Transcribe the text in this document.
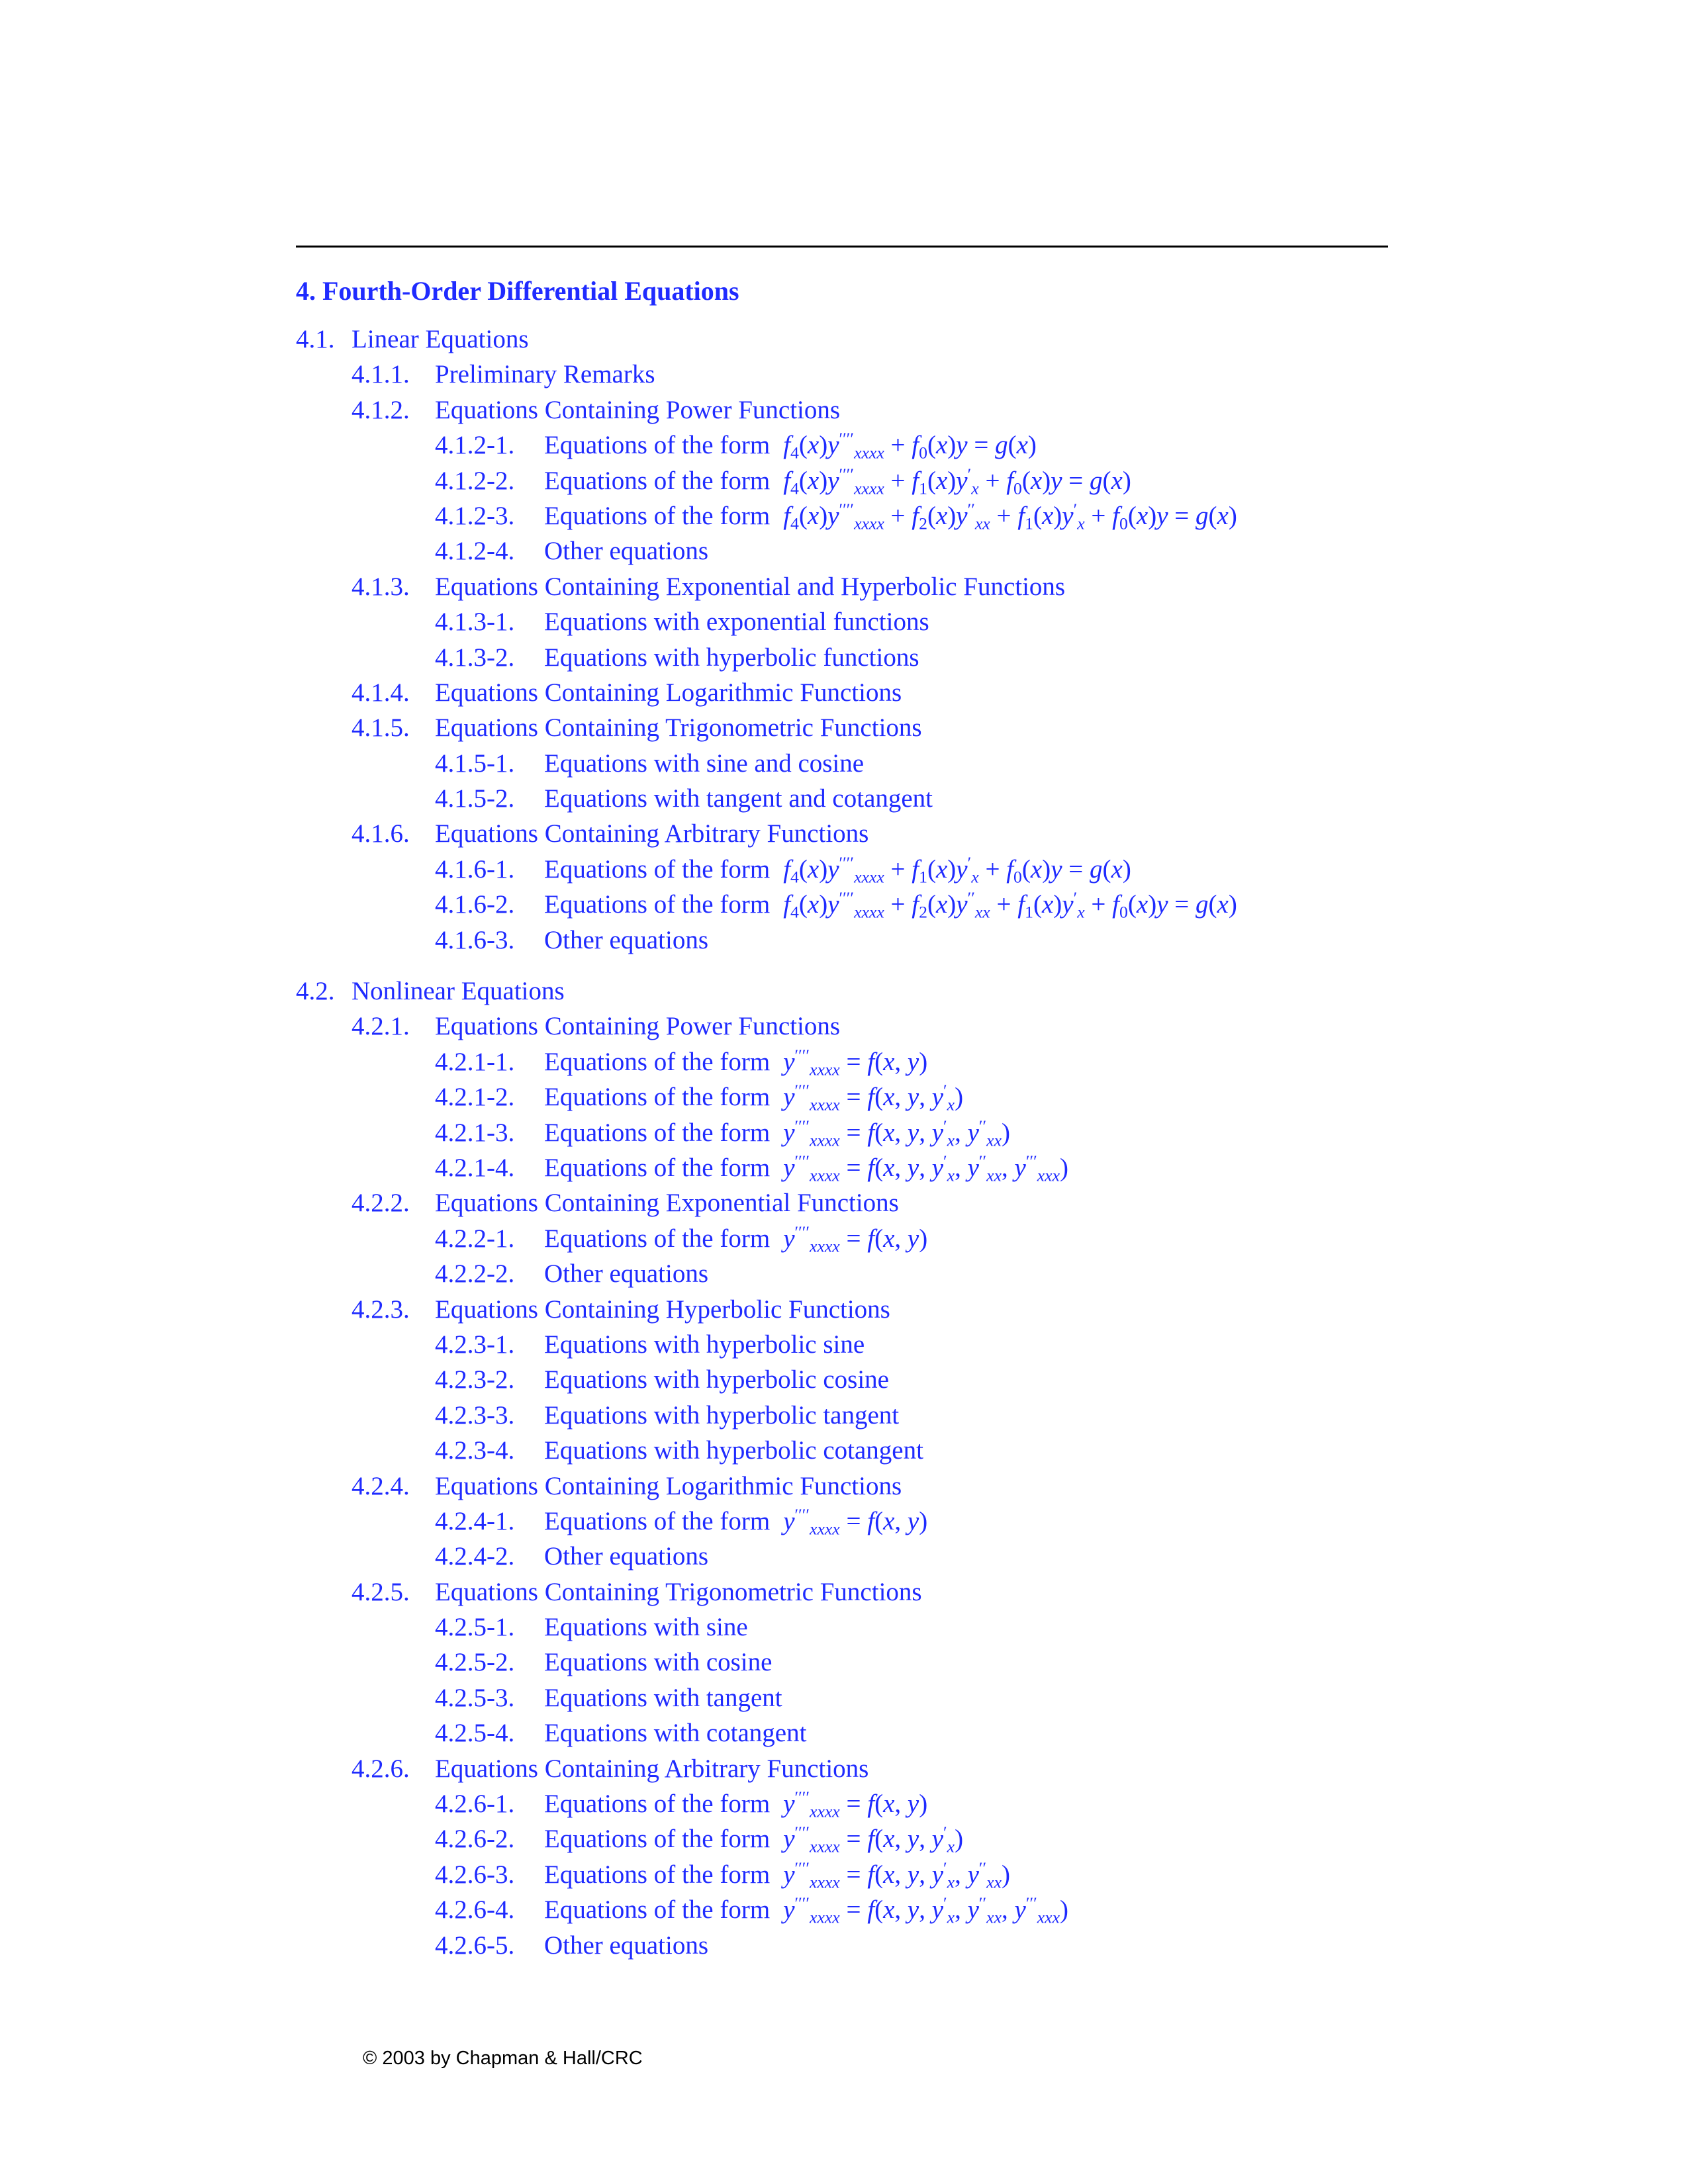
4. Fourth-Order Differential Equations
4.1. Linear Equations
4.1.1. Preliminary Remarks
4.1.2. Equations Containing Power Functions
4.1.2-1. Equations of the form $f_4(x)y''''_{xxxx} + f_0(x)y = g(x)$
4.1.2-2. Equations of the form $f_4(x)y''''_{xxxx} + f_1(x)y'_x + f_0(x)y = g(x)$
4.1.2-3. Equations of the form $f_4(x)y''''_{xxxx} + f_2(x)y''_{xx} + f_1(x)y'_x + f_0(x)y = g(x)$
4.1.2-4. Other equations
4.1.3. Equations Containing Exponential and Hyperbolic Functions
4.1.3-1. Equations with exponential functions
4.1.3-2. Equations with hyperbolic functions
4.1.4. Equations Containing Logarithmic Functions
4.1.5. Equations Containing Trigonometric Functions
4.1.5-1. Equations with sine and cosine
4.1.5-2. Equations with tangent and cotangent
4.1.6. Equations Containing Arbitrary Functions
4.1.6-1. Equations of the form $f_4(x)y''''_{xxxx} + f_1(x)y'_x + f_0(x)y = g(x)$
4.1.6-2. Equations of the form $f_4(x)y''''_{xxxx} + f_2(x)y''_{xx} + f_1(x)y'_x + f_0(x)y = g(x)$
4.1.6-3. Other equations
4.2. Nonlinear Equations
4.2.1. Equations Containing Power Functions
4.2.1-1. Equations of the form $y''''_{xxxx} = f(x$, y)
4.2.1-2. Equations of the form $y''''_{xxxx} = f(x$, y, $y'_x$)
4.2.1-3. Equations of the form $y''''_{xxxx} = f(x$, y, $y'_x$, $y''_{xx}$)
4.2.1-4. Equations of the form $y''''_{xxxx} = f(x$, y, $y'_x$, $y''_{xx}$, $y'''_{xxx}$)
4.2.2. Equations Containing Exponential Functions
4.2.2-1. Equations of the form $y''''_{xxxx} = f(x$, y)
4.2.2-2. Other equations
4.2.3. Equations Containing Hyperbolic Functions
4.2.3-1. Equations with hyperbolic sine
4.2.3-2. Equations with hyperbolic cosine
4.2.3-3. Equations with hyperbolic tangent
4.2.3-4. Equations with hyperbolic cotangent
4.2.4. Equations Containing Logarithmic Functions
4.2.4-1. Equations of the form $y''''_{xxxx} = f(x$, y)
4.2.4-2. Other equations
4.2.5. Equations Containing Trigonometric Functions
4.2.5-1. Equations with sine
4.2.5-2. Equations with cosine
4.2.5-3. Equations with tangent
4.2.5-4. Equations with cotangent
4.2.6. Equations Containing Arbitrary Functions
4.2.6-1. Equations of the form $y''''_{xxxx} = f(x$, y)
4.2.6-2. Equations of the form $y''''_{xxxx} = f(x$, y, $y'_x$)
4.2.6-3. Equations of the form $y''''_{xxxx} = f(x$, y, $y'_x$, $y''_{xx}$)
4.2.6-4. Equations of the form $y''''_{xxxx} = f(x$, y, $y'_x$, $y''_{xx}$, $y'''_{xxx}$)
4.2.6-5. Other equations
© 2003 by Chapman & Hall/CRC
